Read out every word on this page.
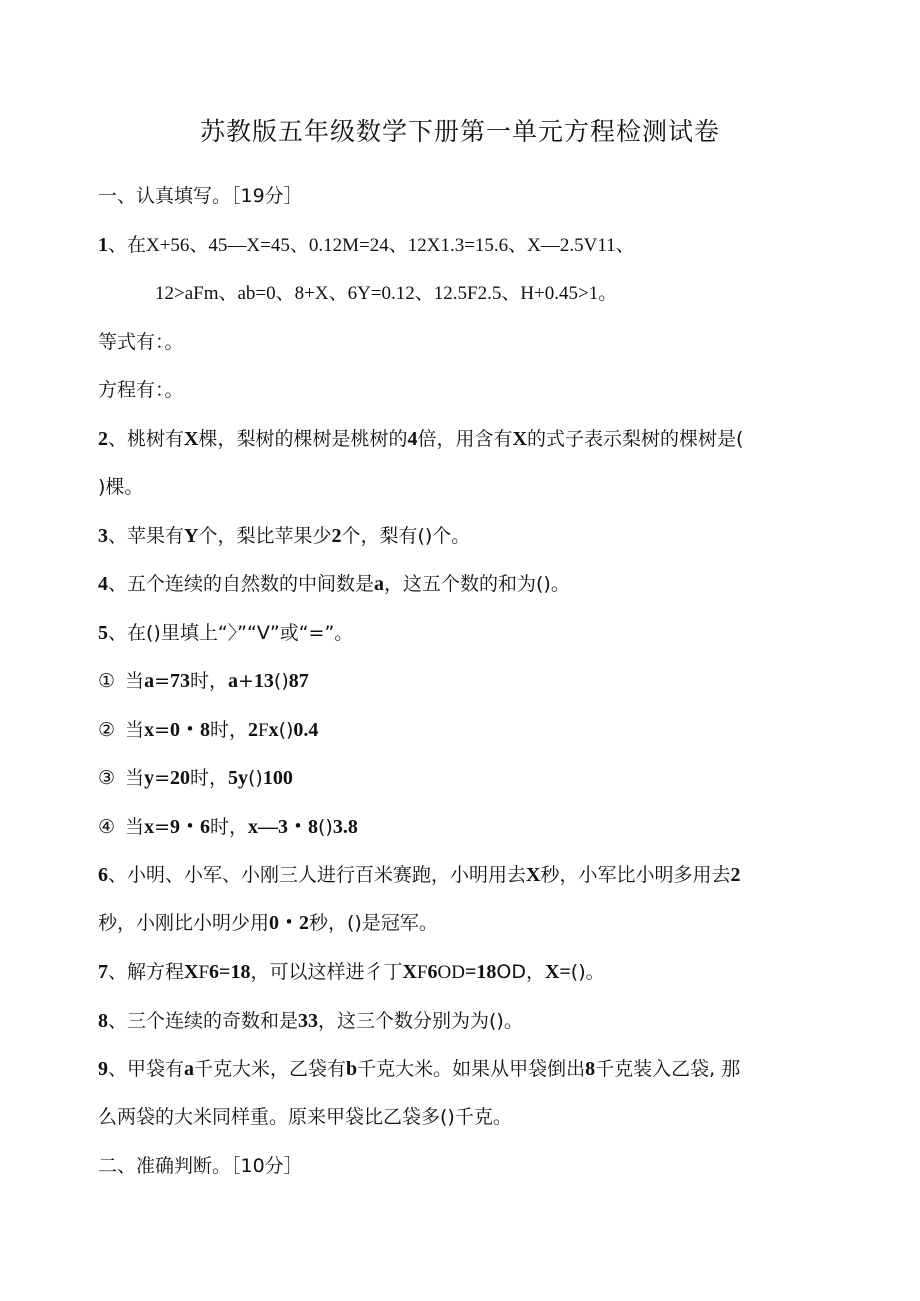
苏教版五年级数学下册第一单元方程检测试卷
一、认真填写。［19分］
1、在X+56、45—X=45、0.12M=24、12X1.3=15.6、X—2.5V11、
12>aFm、ab=0、8+X、6Y=0.12、12.5F2.5、H+0.45>1。
等式有：。
方程有：。
2、桃树有X棵，梨树的棵树是桃树的4倍，用含有X的式子表示梨树的棵树是(
)棵。
3、苹果有Y个，梨比苹果少2个，梨有()个。
4、五个连续的自然数的中间数是a，这五个数的和为()。
5、在()里填上“〉”“V”或“=”。
① 当a=73时，a+13()87
② 当x=0・8时，2Fx()0.4
③ 当y=20时，5y()100
④ 当x=9・6时，x—3・8()3.8
6、小明、小军、小刚三人进行百米赛跑，小明用去X秒，小军比小明多用去2
秒，小刚比小明少用0・2秒，()是冠军。
7、解方程XF6=18，可以这样进彳丁XF6OD=18OD，X=()。
8、三个连续的奇数和是33，这三个数分别为为()。
9、甲袋有a千克大米，乙袋有b千克大米。如果从甲袋倒出8千克装入乙袋, 那
么两袋的大米同样重。原来甲袋比乙袋多()千克。
二、准确判断。［10分］
